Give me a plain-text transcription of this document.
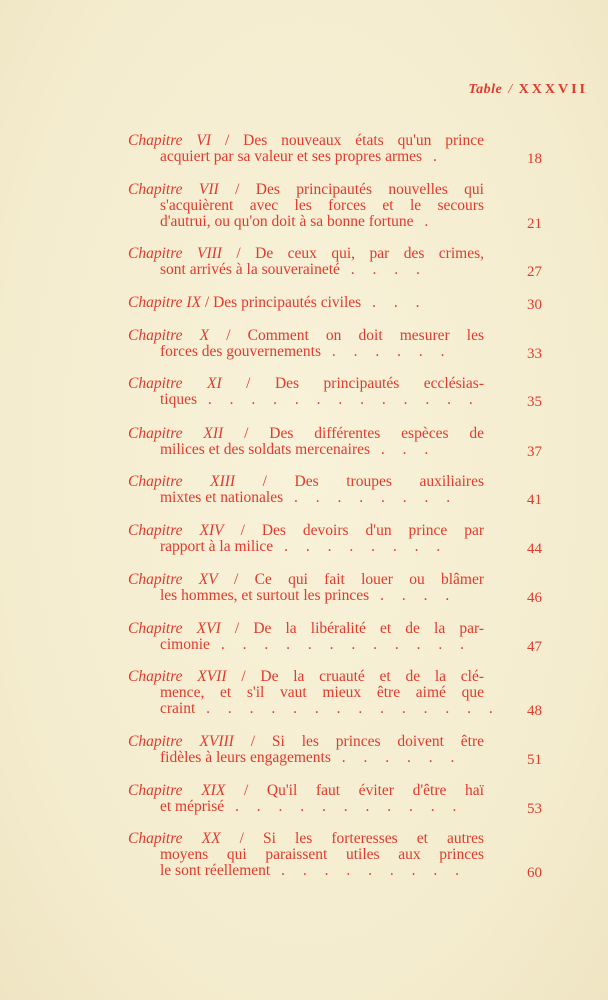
Table / XXXVII
Chapitre VI / Des nouveaux états qu'un prince
acquiert par sa valeur et ses propres armes .	18
Chapitre VII / Des principautés nouvelles qui
s'acquièrent avec les forces et le secours
d'autrui, ou qu'on doit à sa bonne fortune .	21
Chapitre VIII / De ceux qui, par des crimes,
sont arrivés à la souveraineté . . . .	27
Chapitre IX / Des principautés civiles . . .	30
Chapitre X / Comment on doit mesurer les
forces des gouvernements . . . . . .	33
Chapitre XI / Des principautés ecclésias-
tiques . . . . . . . . . . . . .	35
Chapitre XII / Des différentes espèces de
milices et des soldats mercenaires . . .	37
Chapitre XIII / Des troupes auxiliaires
mixtes et nationales . . . . . . . .	41
Chapitre XIV / Des devoirs d'un prince par
rapport à la milice . . . . . . . .	44
Chapitre XV / Ce qui fait louer ou blâmer
les hommes, et surtout les princes . . . .	46
Chapitre XVI / De la libéralité et de la par-
cimonie . . . . . . . . . . . .	47
Chapitre XVII / De la cruauté et de la clé-
mence, et s'il vaut mieux être aimé que
craint . . . . . . . . . . . . . .	48
Chapitre XVIII / Si les princes doivent être
fidèles à leurs engagements . . . . . .	51
Chapitre XIX / Qu'il faut éviter d'être haï
et méprisé . . . . . . . . . . .	53
Chapitre XX / Si les forteresses et autres
moyens qui paraissent utiles aux princes
le sont réellement . . . . . . . . .	60
